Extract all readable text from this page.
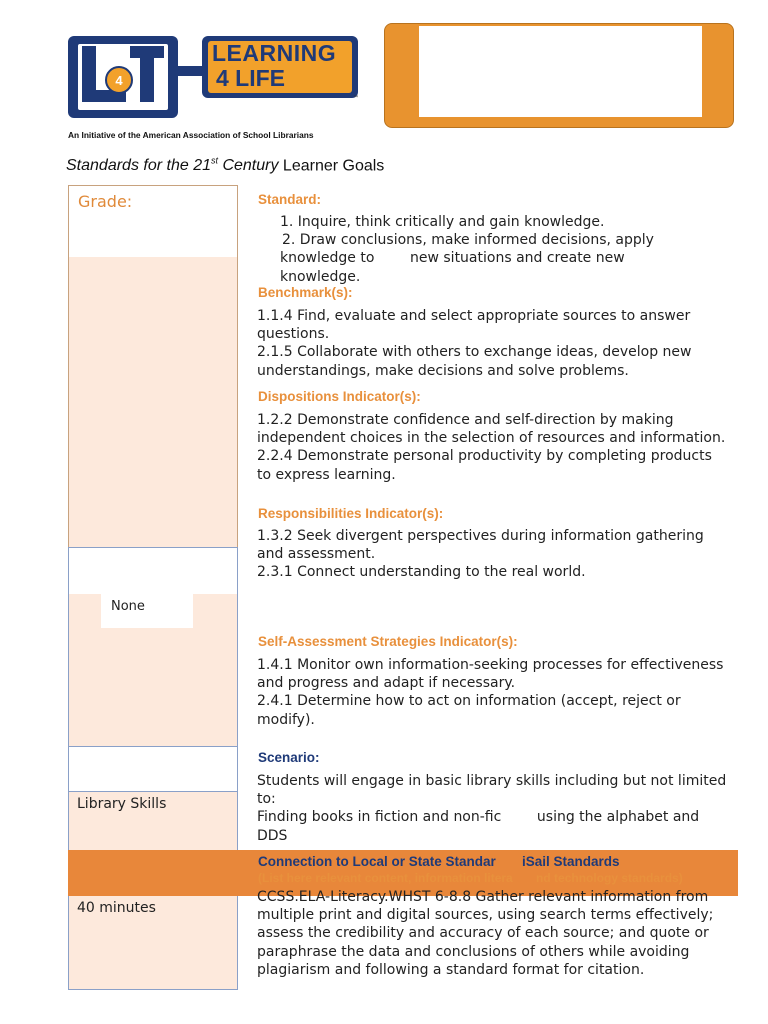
4
LEARNING
4 LIFE
™
An Initiative of the American Association of School Librarians
Standards for the 21st Century Learner Goals
Grade:
None
Library Skills
40 minutes
Standard:
1. Inquire, think critically and gain knowledge.
2. Draw conclusions, make informed decisions, apply
knowledge to        new situations and create new
knowledge.
Benchmark(s):
1.1.4 Find, evaluate and select appropriate sources to answer questions.
2.1.5 Collaborate with others to exchange ideas, develop new understandings, make decisions and solve problems.
Dispositions Indicator(s):
1.2.2 Demonstrate confidence and self-direction by making independent choices in the selection of resources and information.
2.2.4 Demonstrate personal productivity by completing products to express learning.
Responsibilities Indicator(s):
1.3.2 Seek divergent perspectives during information gathering and assessment.
2.3.1 Connect understanding to the real world.
Self-Assessment Strategies Indicator(s):
1.4.1 Monitor own information-seeking processes for effectiveness and progress and adapt if necessary.
2.4.1 Determine how to act on information (accept, reject or modify).
Scenario:
Students will engage in basic library skills including but not limited to:
Finding books in fiction and non-fic        using the alphabet and DDS
Connection to Local or State Standar       iSail Standards
(List here relevant content, information litera       nd technology standards)
CCSS.ELA-Literacy.WHST 6-8.8 Gather relevant information from multiple print and digital sources, using search terms effectively; assess the credibility and accuracy of each source; and quote or paraphrase the data and conclusions of others while avoiding plagiarism and following a standard format for citation.
